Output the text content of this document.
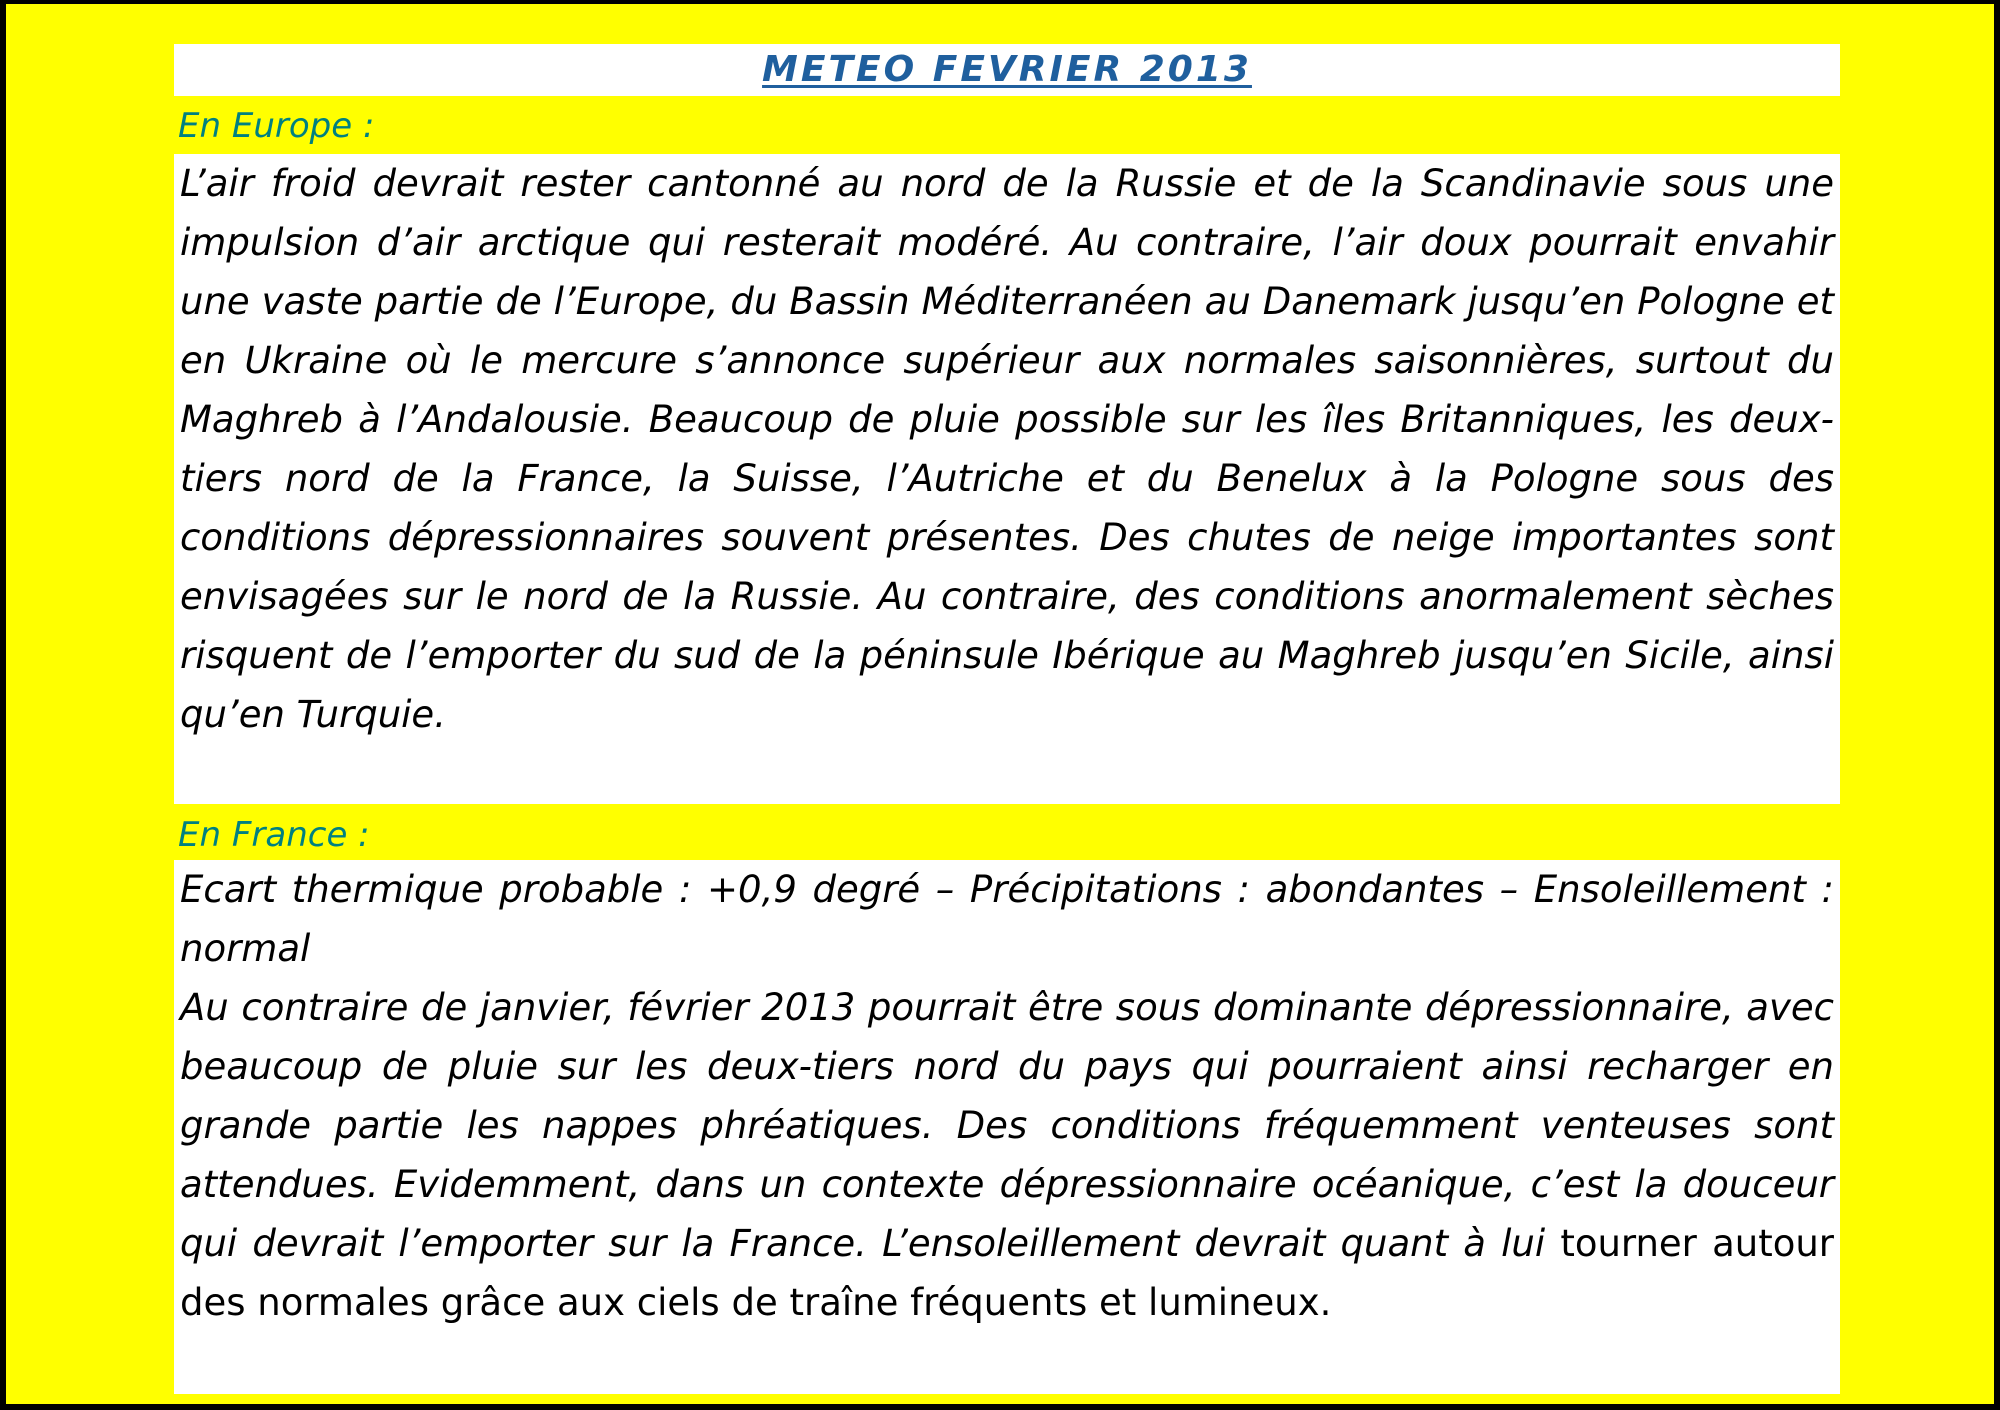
METEO FEVRIER 2013
En Europe :

L’air froid devrait rester cantonné au nord de la Russie et de la Scandinavie sous une impulsion d’air arctique qui resterait modéré. Au contraire, l’air doux pourrait envahir une vaste partie de l’Europe, du Bassin Méditerranéen au Danemark jusqu’en Pologne et en Ukraine où le mercure s’annonce supérieur aux normales saisonnières, surtout du Maghreb à l’Andalousie. Beaucoup de pluie possible sur les îles Britanniques, les deux-tiers nord de la France, la Suisse, l’Autriche et du Benelux à la Pologne sous des conditions dépressionnaires souvent présentes. Des chutes de neige importantes sont envisagées sur le nord de la Russie. Au contraire, des conditions anormalement sèches risquent de l’emporter du sud de la péninsule Ibérique au Maghreb jusqu’en Sicile, ainsi qu’en Turquie.

En France :

Ecart thermique probable : +0,9 degré – Précipitations : abondantes – Ensoleillement : normal

Au contraire de janvier, février 2013 pourrait être sous dominante dépressionnaire, avec beaucoup de pluie sur les deux-tiers nord du pays qui pourraient ainsi recharger en grande partie les nappes phréatiques. Des conditions fréquemment venteuses sont attendues. Evidemment, dans un contexte dépressionnaire océanique, c’est la douceur qui devrait l’emporter sur la France. L’ensoleillement devrait quant à lui tourner autour des normales grâce aux ciels de traîne fréquents et lumineux.
